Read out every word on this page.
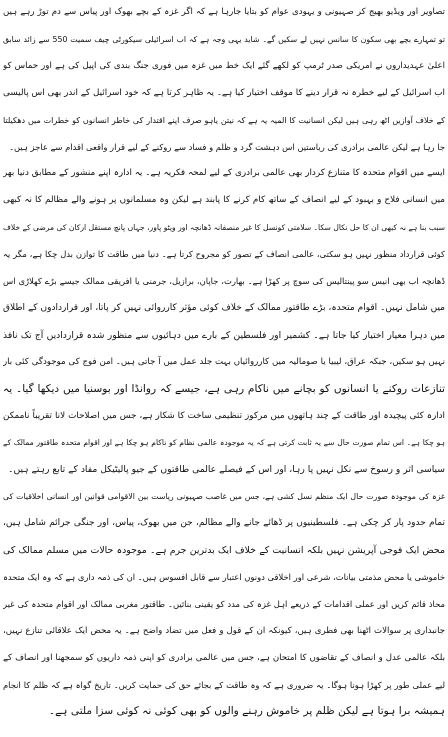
تصاویر اور ویڈیو بھیج کر صہیونی و یہودی عوام کو بتایا جارہا ہے کہ اگر غزہ کے بچے بھوک اور پیاس سے دم توڑ رہے ہیں
تو تمہارے بچے بھی سکون کا سانس نہیں لے سکیں گے۔ شاید یہی وجہ ہے کہ اب اسرائیلی سیکورٹی چیف سمیت 550 سے زائد سابق
اعلیٰ عہدیداروں نے امریکی صدر ٹرمپ کو لکھے گئے ایک خط میں غزہ میں فوری جنگ بندی کی اپیل کی ہے اور حماس کو
اب اسرائیل کے لیے خطرہ نہ قرار دینے کا موقف اختیار کیا ہے۔ یہ ظاہر کرتا ہے کہ خود اسرائیل کے اندر بھی اس پالیسی
کے خلاف آوازیں اٹھ رہی ہیں لیکن انسانیت کا المیہ یہ ہے کہ نیتن یاہو صرف اپنے اقتدار کی خاطر انسانوں کو خطرات میں دھکیلتا
جا رہا ہے لیکن عالمی برادری کی ریاستیں اس دہشت گرد و ظلم و فساد سے روکنے کے لیے قرار واقعی اقدام سے عاجز ہیں۔
ایسے میں اقوام متحدہ کا متنازع کردار بھی عالمی برادری کے لیے لمحہ فکریہ ہے۔ یہ ادارہ اپنے منشور کے مطابق دنیا بھر
میں انسانی فلاح و بہبود کے لیے انصاف کے ساتھ کام کرنے کا پابند ہے لیکن وہ مسلمانوں پر ہونے والے مظالم کا نہ کبھی
سبب بنا ہے نہ کبھی ان کا حل نکال سکا۔ سلامتی کونسل کا غیر منصفانہ ڈھانچہ اور ویٹو پاور، جہاں پانچ مستقل ارکان کی مرضی کے خلاف
کوئی قرارداد منظور نہیں ہو سکتی، عالمی انصاف کے تصور کو مجروح کرتا ہے۔ دنیا میں طاقت کا توازن بدل چکا ہے، مگر یہ
ڈھانچہ اب بھی انیس سو پینتالیس کی سوچ پر کھڑا ہے۔ بھارت، جاپان، برازیل، جرمنی یا افریقی ممالک جیسے بڑے کھلاڑی اس
میں شامل نہیں۔ اقوام متحدہ، بڑے طاقتور ممالک کے خلاف کوئی مؤثر کارروائی نہیں کر پاتا، اور قراردادوں کے اطلاق
میں دہرا معیار اختیار کیا جاتا ہے۔ کشمیر اور فلسطین کے بارے میں دہائیوں سے منظور شدہ قراردادیں آج تک نافذ
نہیں ہو سکیں، جبکہ عراق، لیبیا یا صومالیہ میں کارروائیاں بہت جلد عمل میں آ جاتی ہیں۔ امن فوج کی موجودگی کئی بار
تنازعات روکنے یا انسانوں کو بچانے میں ناکام رہی ہے، جیسے کہ روانڈا اور بوسنیا میں دیکھا گیا۔ یہ
ادارہ کئی پیچیدہ اور طاقت کے چند ہاتھوں میں مرکوز تنظیمی ساخت کا شکار ہے، جس میں اصلاحات لانا تقریباً ناممکن
ہو چکا ہے۔ اس تمام صورت حال سے یہ ثابت کرتی ہے کہ یہ موجودہ عالمی نظام کو ناکام ہو چکا ہے اور اقوام متحدہ طاقتور ممالک کے
سیاسی اثر و رسوخ سے نکل نہیں پا رہا، اور اس کے فیصلے عالمی طاقتوں کے جیو پالیٹیکل مفاد کے تابع رہتے ہیں۔
غزہ کی موجودہ صورت حال ایک منظم نسل کشی ہے، جس میں غاصب صہیونی ریاست بین الاقوامی قوانین اور انسانی اخلاقیات کی
تمام حدود پار کر چکی ہے۔ فلسطینیوں پر ڈھائے جانے والے مظالم، جن میں بھوک، پیاس، اور جنگی جرائم شامل ہیں،
محض ایک فوجی آپریشن نہیں بلکہ انسانیت کے خلاف ایک بدترین جرم ہے۔ موجودہ حالات میں مسلم ممالک کی
خاموشی یا محض مذمتی بیانات، شرعی اور اخلاقی دونوں اعتبار سے قابل افسوس ہیں۔ ان کی ذمہ داری ہے کہ وہ ایک متحدہ
محاذ قائم کریں اور عملی اقدامات کے ذریعے اہل غزہ کی مدد کو یقینی بنائیں۔ طاقتور مغربی ممالک اور اقوام متحدہ کی غیر
جانبداری پر سوالات اٹھنا بھی فطری ہیں، کیونکہ ان کے قول و فعل میں تضاد واضح ہے۔ یہ محض ایک علاقائی تنازع نہیں،
بلکہ عالمی عدل و انصاف کے تقاضوں کا امتحان ہے، جس میں عالمی برادری کو اپنی ذمہ داریوں کو سمجھنا اور انصاف کے
لیے عملی طور پر کھڑا ہونا ہوگا۔ یہ ضروری ہے کہ وہ طاقت کے بجائے حق کی حمایت کریں۔ تاریخ گواہ ہے کہ ظلم کا انجام
ہمیشہ برا ہوتا ہے لیکن ظلم پر خاموش رہنے والوں کو بھی کوئی نہ کوئی سزا ملتی ہے۔
